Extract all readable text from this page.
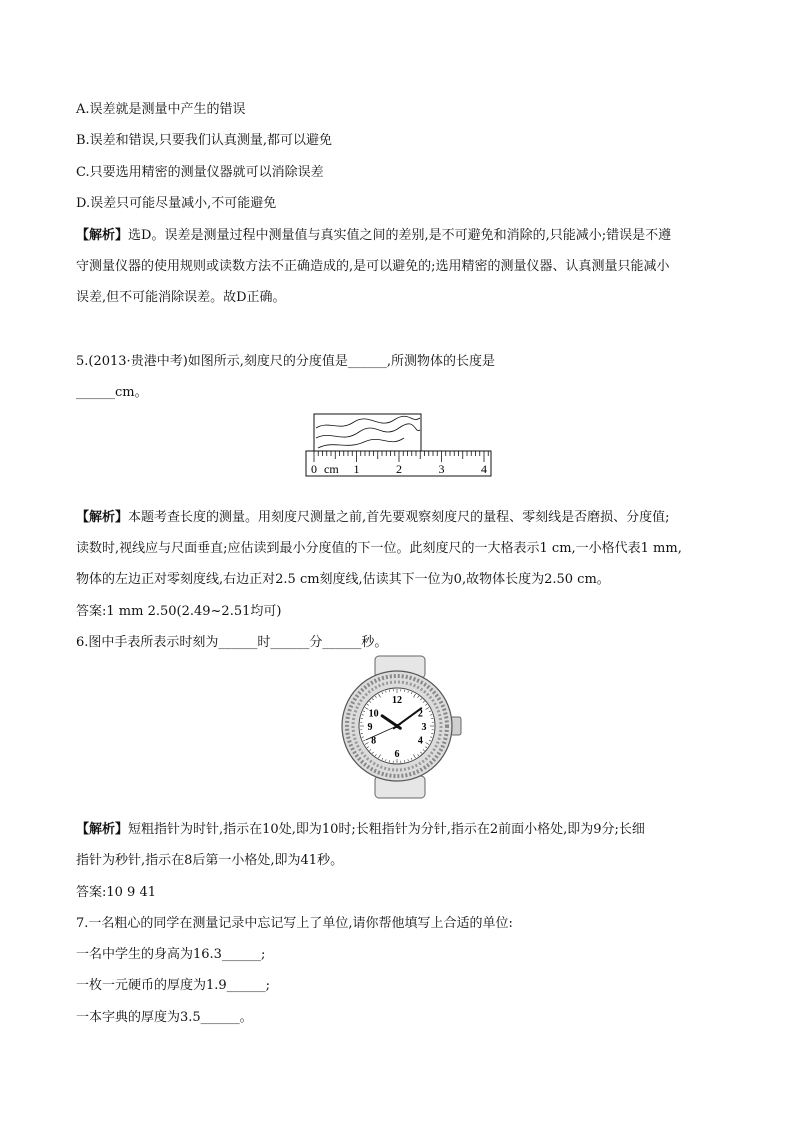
A.误差就是测量中产生的错误
B.误差和错误,只要我们认真测量,都可以避免
C.只要选用精密的测量仪器就可以消除误差
D.误差只可能尽量减小,不可能避免
【解析】选D。误差是测量过程中测量值与真实值之间的差别,是不可避免和消除的,只能减小;错误是不遵
守测量仪器的使用规则或读数方法不正确造成的,是可以避免的;选用精密的测量仪器、认真测量只能减小
误差,但不可能消除误差。故D正确。
5.(2013·贵港中考)如图所示,刻度尺的分度值是______,所测物体的长度是
______cm。
0	1	2	3	4
cm
【解析】本题考查长度的测量。用刻度尺测量之前,首先要观察刻度尺的量程、零刻线是否磨损、分度值;
读数时,视线应与尺面垂直;应估读到最小分度值的下一位。此刻度尺的一大格表示1 cm,一小格代表1 mm,
物体的左边正对零刻度线,右边正对2.5 cm刻度线,估读其下一位为0,故物体长度为2.50 cm。
答案:1 mm 2.50(2.49~2.51均可)
6.图中手表所表示时刻为______时______分______秒。
12
2
3
4
6
8
9
10
【解析】短粗指针为时针,指示在10处,即为10时;长粗指针为分针,指示在2前面小格处,即为9分;长细
指针为秒针,指示在8后第一小格处,即为41秒。
答案:10 9 41
7.一名粗心的同学在测量记录中忘记写上了单位,请你帮他填写上合适的单位:
一名中学生的身高为16.3______;
一枚一元硬币的厚度为1.9______;
一本字典的厚度为3.5______。
